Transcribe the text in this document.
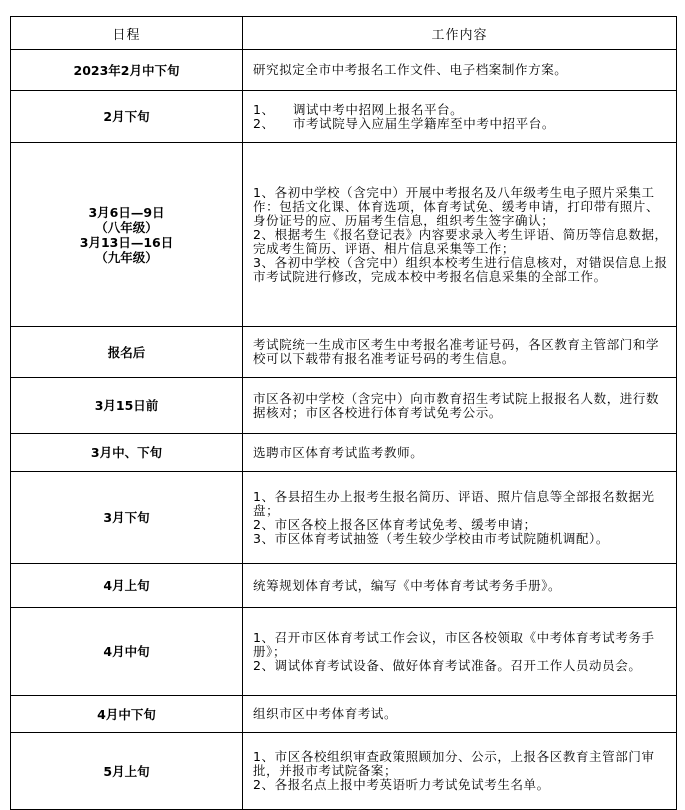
日程	工作内容

2023年2月中下旬	研究拟定全市中考报名工作文件、电子档案制作方案。

2月下旬	1、    调试中考中招网上报名平台。
2、    市考试院导入应届生学籍库至中考中招平台。

3月6日—9日
（八年级）
3月13日—16日
（九年级）	1、各初中学校（含完中）开展中考报名及八年级考生电子照片采集工作：包括文化课、体育选项，体育考试免、缓考申请，打印带有照片、身份证号的应、历届考生信息，组织考生签字确认；
2、根据考生《报名登记表》内容要求录入考生评语、简历等信息数据，完成考生简历、评语、相片信息采集等工作；
3、各初中学校（含完中）组织本校考生进行信息核对，对错误信息上报市考试院进行修改，完成本校中考报名信息采集的全部工作。

报名后	考试院统一生成市区考生中考报名准考证号码，各区教育主管部门和学校可以下载带有报名准考证号码的考生信息。

3月15日前	市区各初中学校（含完中）向市教育招生考试院上报报名人数，进行数据核对；市区各校进行体育考试免考公示。

3月中、下旬	选聘市区体育考试监考教师。

3月下旬	1、各县招生办上报考生报名简历、评语、照片信息等全部报名数据光盘；
2、市区各校上报各区体育考试免考、缓考申请；
3、市区体育考试抽签（考生较少学校由市考试院随机调配）。

4月上旬	统筹规划体育考试，编写《中考体育考试考务手册》。

4月中旬	1、召开市区体育考试工作会议，市区各校领取《中考体育考试考务手册》；
2、调试体育考试设备、做好体育考试准备。召开工作人员动员会。

4月中下旬	组织市区中考体育考试。

5月上旬	1、市区各校组织审查政策照顾加分、公示，上报各区教育主管部门审批，并报市考试院备案；
2、各报名点上报中考英语听力考试免试考生名单。
